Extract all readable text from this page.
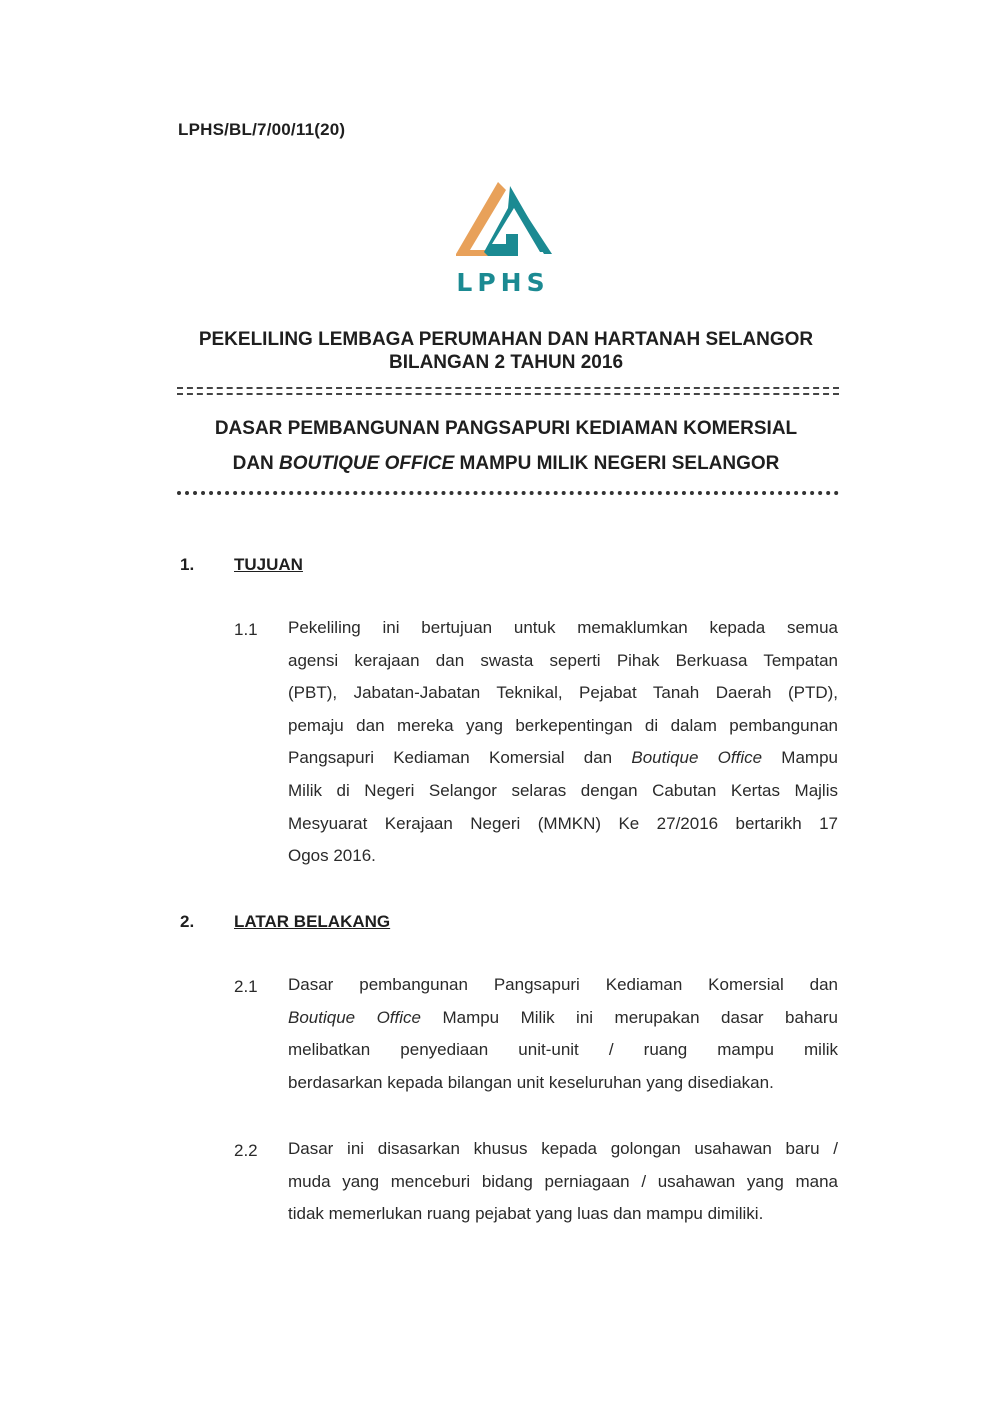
LPHS/BL/7/00/11(20)
LPHS
PEKELILING LEMBAGA PERUMAHAN DAN HARTANAH SELANGOR
BILANGAN 2 TAHUN 2016
DASAR PEMBANGUNAN PANGSAPURI KEDIAMAN KOMERSIAL
DAN BOUTIQUE OFFICE MAMPU MILIK NEGERI SELANGOR
1. TUJUAN
1.1 Pekeliling ini bertujuan untuk memaklumkan kepada semua
agensi kerajaan dan swasta seperti Pihak Berkuasa Tempatan
(PBT), Jabatan-Jabatan Teknikal, Pejabat Tanah Daerah (PTD),
pemaju dan mereka yang berkepentingan di dalam pembangunan
Pangsapuri Kediaman Komersial dan Boutique Office Mampu
Milik di Negeri Selangor selaras dengan Cabutan Kertas Majlis
Mesyuarat Kerajaan Negeri (MMKN) Ke 27/2016 bertarikh 17
Ogos 2016.
2. LATAR BELAKANG
2.1 Dasar pembangunan Pangsapuri Kediaman Komersial dan
Boutique Office Mampu Milik ini merupakan dasar baharu
melibatkan penyediaan unit-unit / ruang mampu milik
berdasarkan kepada bilangan unit keseluruhan yang disediakan.
2.2 Dasar ini disasarkan khusus kepada golongan usahawan baru /
muda yang menceburi bidang perniagaan / usahawan yang mana
tidak memerlukan ruang pejabat yang luas dan mampu dimiliki.
